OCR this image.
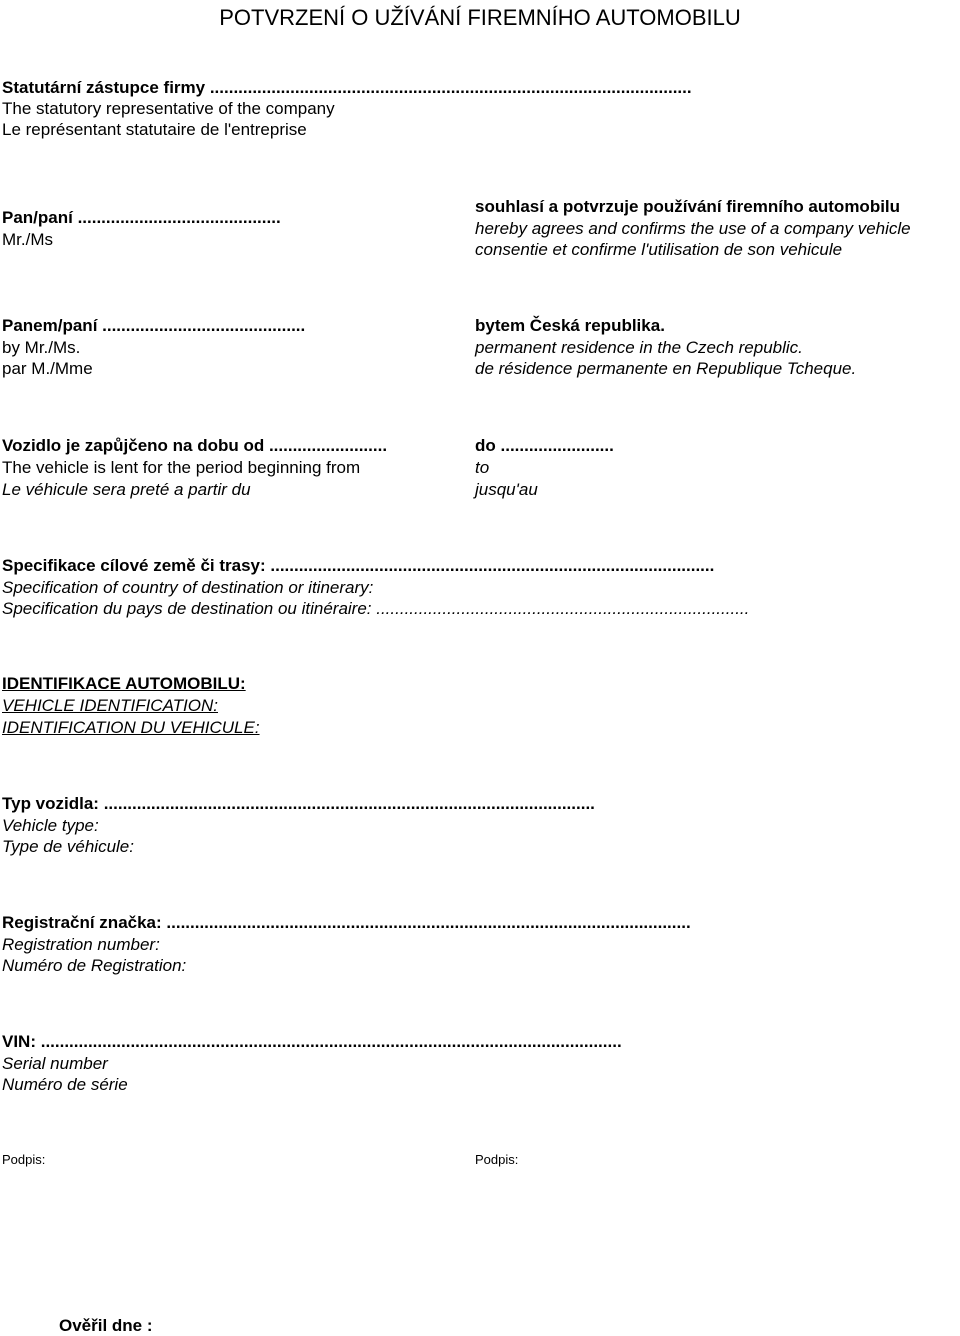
POTVRZENÍ O UŽÍVÁNÍ FIREMNÍHO AUTOMOBILU

Statutární zástupce firmy ......................................................................................................

The statutory representative of the company

Le représentant statutaire de l'entreprise

Pan/paní ...........................................

Mr./Ms

souhlasí a potvrzuje používání firemního automobilu

hereby agrees and confirms the use of a company vehicle

consentie et confirme l'utilisation de son vehicule

Panem/paní ...........................................

by Mr./Ms.

par M./Mme

bytem Česká republika.

permanent residence in the Czech republic.

de résidence permanente en Republique Tcheque.

Vozidlo je zapůjčeno na dobu od .........................

The vehicle is lent for the period beginning from

Le véhicule sera preté a partir du

do ........................

to

jusqu'au

Specifikace cílové země či trasy: ..............................................................................................

Specification of country of destination or itinerary:

Specification du pays de destination ou itinéraire: ...............................................................................

IDENTIFIKACE AUTOMOBILU:

VEHICLE IDENTIFICATION:

IDENTIFICATION DU VEHICULE:

Typ vozidla: ........................................................................................................

Vehicle type:

Type de véhicule:

Registrační značka: ...............................................................................................................

Registration number:

Numéro de Registration:

VIN: ...........................................................................................................................

Serial number

Numéro de série

Podpis:	Podpis:

Ověřil dne :
